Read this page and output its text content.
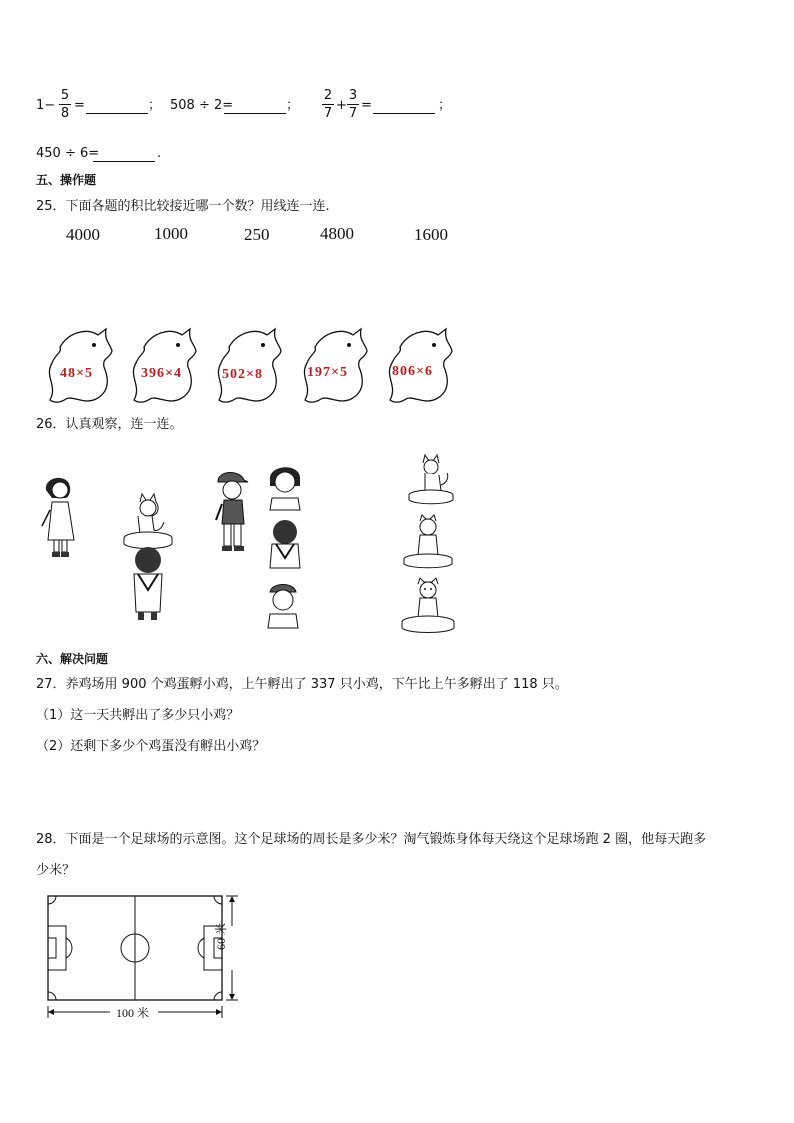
1−
5
8
=	； 508 ÷ 2=	；
2
7
+
3
7
=	；
450 ÷ 6=	.
五、操作题
25．下面各题的积比较接近哪一个数？用线连一连.
4000	1000	250	4800	1600
48×5	396×4	502×8	197×5	806×6
26．认真观察，连一连。
六、解决问题
27．养鸡场用 900 个鸡蛋孵小鸡，上午孵出了 337 只小鸡，下午比上午多孵出了 118 只。
（1）这一天共孵出了多少只小鸡？
（2）还剩下多少个鸡蛋没有孵出小鸡？
28．下面是一个足球场的示意图。这个足球场的周长是多少米？淘气锻炼身体每天绕这个足球场跑 2 圈，他每天跑多
少米？
100 米
60 米
